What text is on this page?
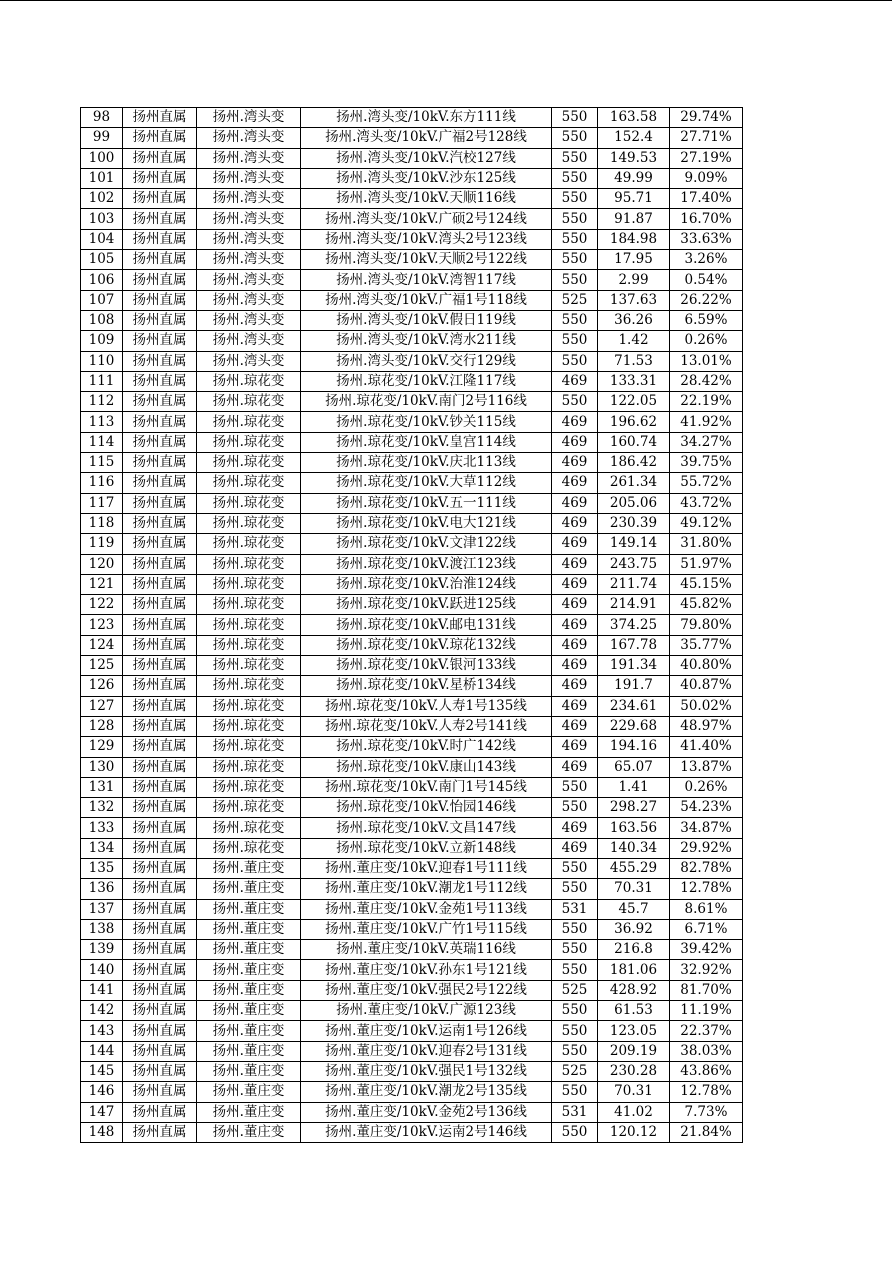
98	扬州直属	扬州.湾头变	扬州.湾头变/10kV.东方111线	550	163.58	29.74%
99	扬州直属	扬州.湾头变	扬州.湾头变/10kV.广福2号128线	550	152.4	27.71%
100	扬州直属	扬州.湾头变	扬州.湾头变/10kV.汽校127线	550	149.53	27.19%
101	扬州直属	扬州.湾头变	扬州.湾头变/10kV.沙东125线	550	49.99	9.09%
102	扬州直属	扬州.湾头变	扬州.湾头变/10kV.天顺116线	550	95.71	17.40%
103	扬州直属	扬州.湾头变	扬州.湾头变/10kV.广硕2号124线	550	91.87	16.70%
104	扬州直属	扬州.湾头变	扬州.湾头变/10kV.湾头2号123线	550	184.98	33.63%
105	扬州直属	扬州.湾头变	扬州.湾头变/10kV.天顺2号122线	550	17.95	3.26%
106	扬州直属	扬州.湾头变	扬州.湾头变/10kV.湾智117线	550	2.99	0.54%
107	扬州直属	扬州.湾头变	扬州.湾头变/10kV.广福1号118线	525	137.63	26.22%
108	扬州直属	扬州.湾头变	扬州.湾头变/10kV.假日119线	550	36.26	6.59%
109	扬州直属	扬州.湾头变	扬州.湾头变/10kV.湾水211线	550	1.42	0.26%
110	扬州直属	扬州.湾头变	扬州.湾头变/10kV.交行129线	550	71.53	13.01%
111	扬州直属	扬州.琼花变	扬州.琼花变/10kV.江隆117线	469	133.31	28.42%
112	扬州直属	扬州.琼花变	扬州.琼花变/10kV.南门2号116线	550	122.05	22.19%
113	扬州直属	扬州.琼花变	扬州.琼花变/10kV.钞关115线	469	196.62	41.92%
114	扬州直属	扬州.琼花变	扬州.琼花变/10kV.皇宫114线	469	160.74	34.27%
115	扬州直属	扬州.琼花变	扬州.琼花变/10kV.庆北113线	469	186.42	39.75%
116	扬州直属	扬州.琼花变	扬州.琼花变/10kV.大草112线	469	261.34	55.72%
117	扬州直属	扬州.琼花变	扬州.琼花变/10kV.五一111线	469	205.06	43.72%
118	扬州直属	扬州.琼花变	扬州.琼花变/10kV.电大121线	469	230.39	49.12%
119	扬州直属	扬州.琼花变	扬州.琼花变/10kV.文津122线	469	149.14	31.80%
120	扬州直属	扬州.琼花变	扬州.琼花变/10kV.渡江123线	469	243.75	51.97%
121	扬州直属	扬州.琼花变	扬州.琼花变/10kV.治淮124线	469	211.74	45.15%
122	扬州直属	扬州.琼花变	扬州.琼花变/10kV.跃进125线	469	214.91	45.82%
123	扬州直属	扬州.琼花变	扬州.琼花变/10kV.邮电131线	469	374.25	79.80%
124	扬州直属	扬州.琼花变	扬州.琼花变/10kV.琼花132线	469	167.78	35.77%
125	扬州直属	扬州.琼花变	扬州.琼花变/10kV.银河133线	469	191.34	40.80%
126	扬州直属	扬州.琼花变	扬州.琼花变/10kV.星桥134线	469	191.7	40.87%
127	扬州直属	扬州.琼花变	扬州.琼花变/10kV.人寿1号135线	469	234.61	50.02%
128	扬州直属	扬州.琼花变	扬州.琼花变/10kV.人寿2号141线	469	229.68	48.97%
129	扬州直属	扬州.琼花变	扬州.琼花变/10kV.时广142线	469	194.16	41.40%
130	扬州直属	扬州.琼花变	扬州.琼花变/10kV.康山143线	469	65.07	13.87%
131	扬州直属	扬州.琼花变	扬州.琼花变/10kV.南门1号145线	550	1.41	0.26%
132	扬州直属	扬州.琼花变	扬州.琼花变/10kV.怡园146线	550	298.27	54.23%
133	扬州直属	扬州.琼花变	扬州.琼花变/10kV.文昌147线	469	163.56	34.87%
134	扬州直属	扬州.琼花变	扬州.琼花变/10kV.立新148线	469	140.34	29.92%
135	扬州直属	扬州.董庄变	扬州.董庄变/10kV.迎春1号111线	550	455.29	82.78%
136	扬州直属	扬州.董庄变	扬州.董庄变/10kV.潮龙1号112线	550	70.31	12.78%
137	扬州直属	扬州.董庄变	扬州.董庄变/10kV.金苑1号113线	531	45.7	8.61%
138	扬州直属	扬州.董庄变	扬州.董庄变/10kV.广竹1号115线	550	36.92	6.71%
139	扬州直属	扬州.董庄变	扬州.董庄变/10kV.英瑞116线	550	216.8	39.42%
140	扬州直属	扬州.董庄变	扬州.董庄变/10kV.孙东1号121线	550	181.06	32.92%
141	扬州直属	扬州.董庄变	扬州.董庄变/10kV.强民2号122线	525	428.92	81.70%
142	扬州直属	扬州.董庄变	扬州.董庄变/10kV.广源123线	550	61.53	11.19%
143	扬州直属	扬州.董庄变	扬州.董庄变/10kV.运南1号126线	550	123.05	22.37%
144	扬州直属	扬州.董庄变	扬州.董庄变/10kV.迎春2号131线	550	209.19	38.03%
145	扬州直属	扬州.董庄变	扬州.董庄变/10kV.强民1号132线	525	230.28	43.86%
146	扬州直属	扬州.董庄变	扬州.董庄变/10kV.潮龙2号135线	550	70.31	12.78%
147	扬州直属	扬州.董庄变	扬州.董庄变/10kV.金苑2号136线	531	41.02	7.73%
148	扬州直属	扬州.董庄变	扬州.董庄变/10kV.运南2号146线	550	120.12	21.84%
